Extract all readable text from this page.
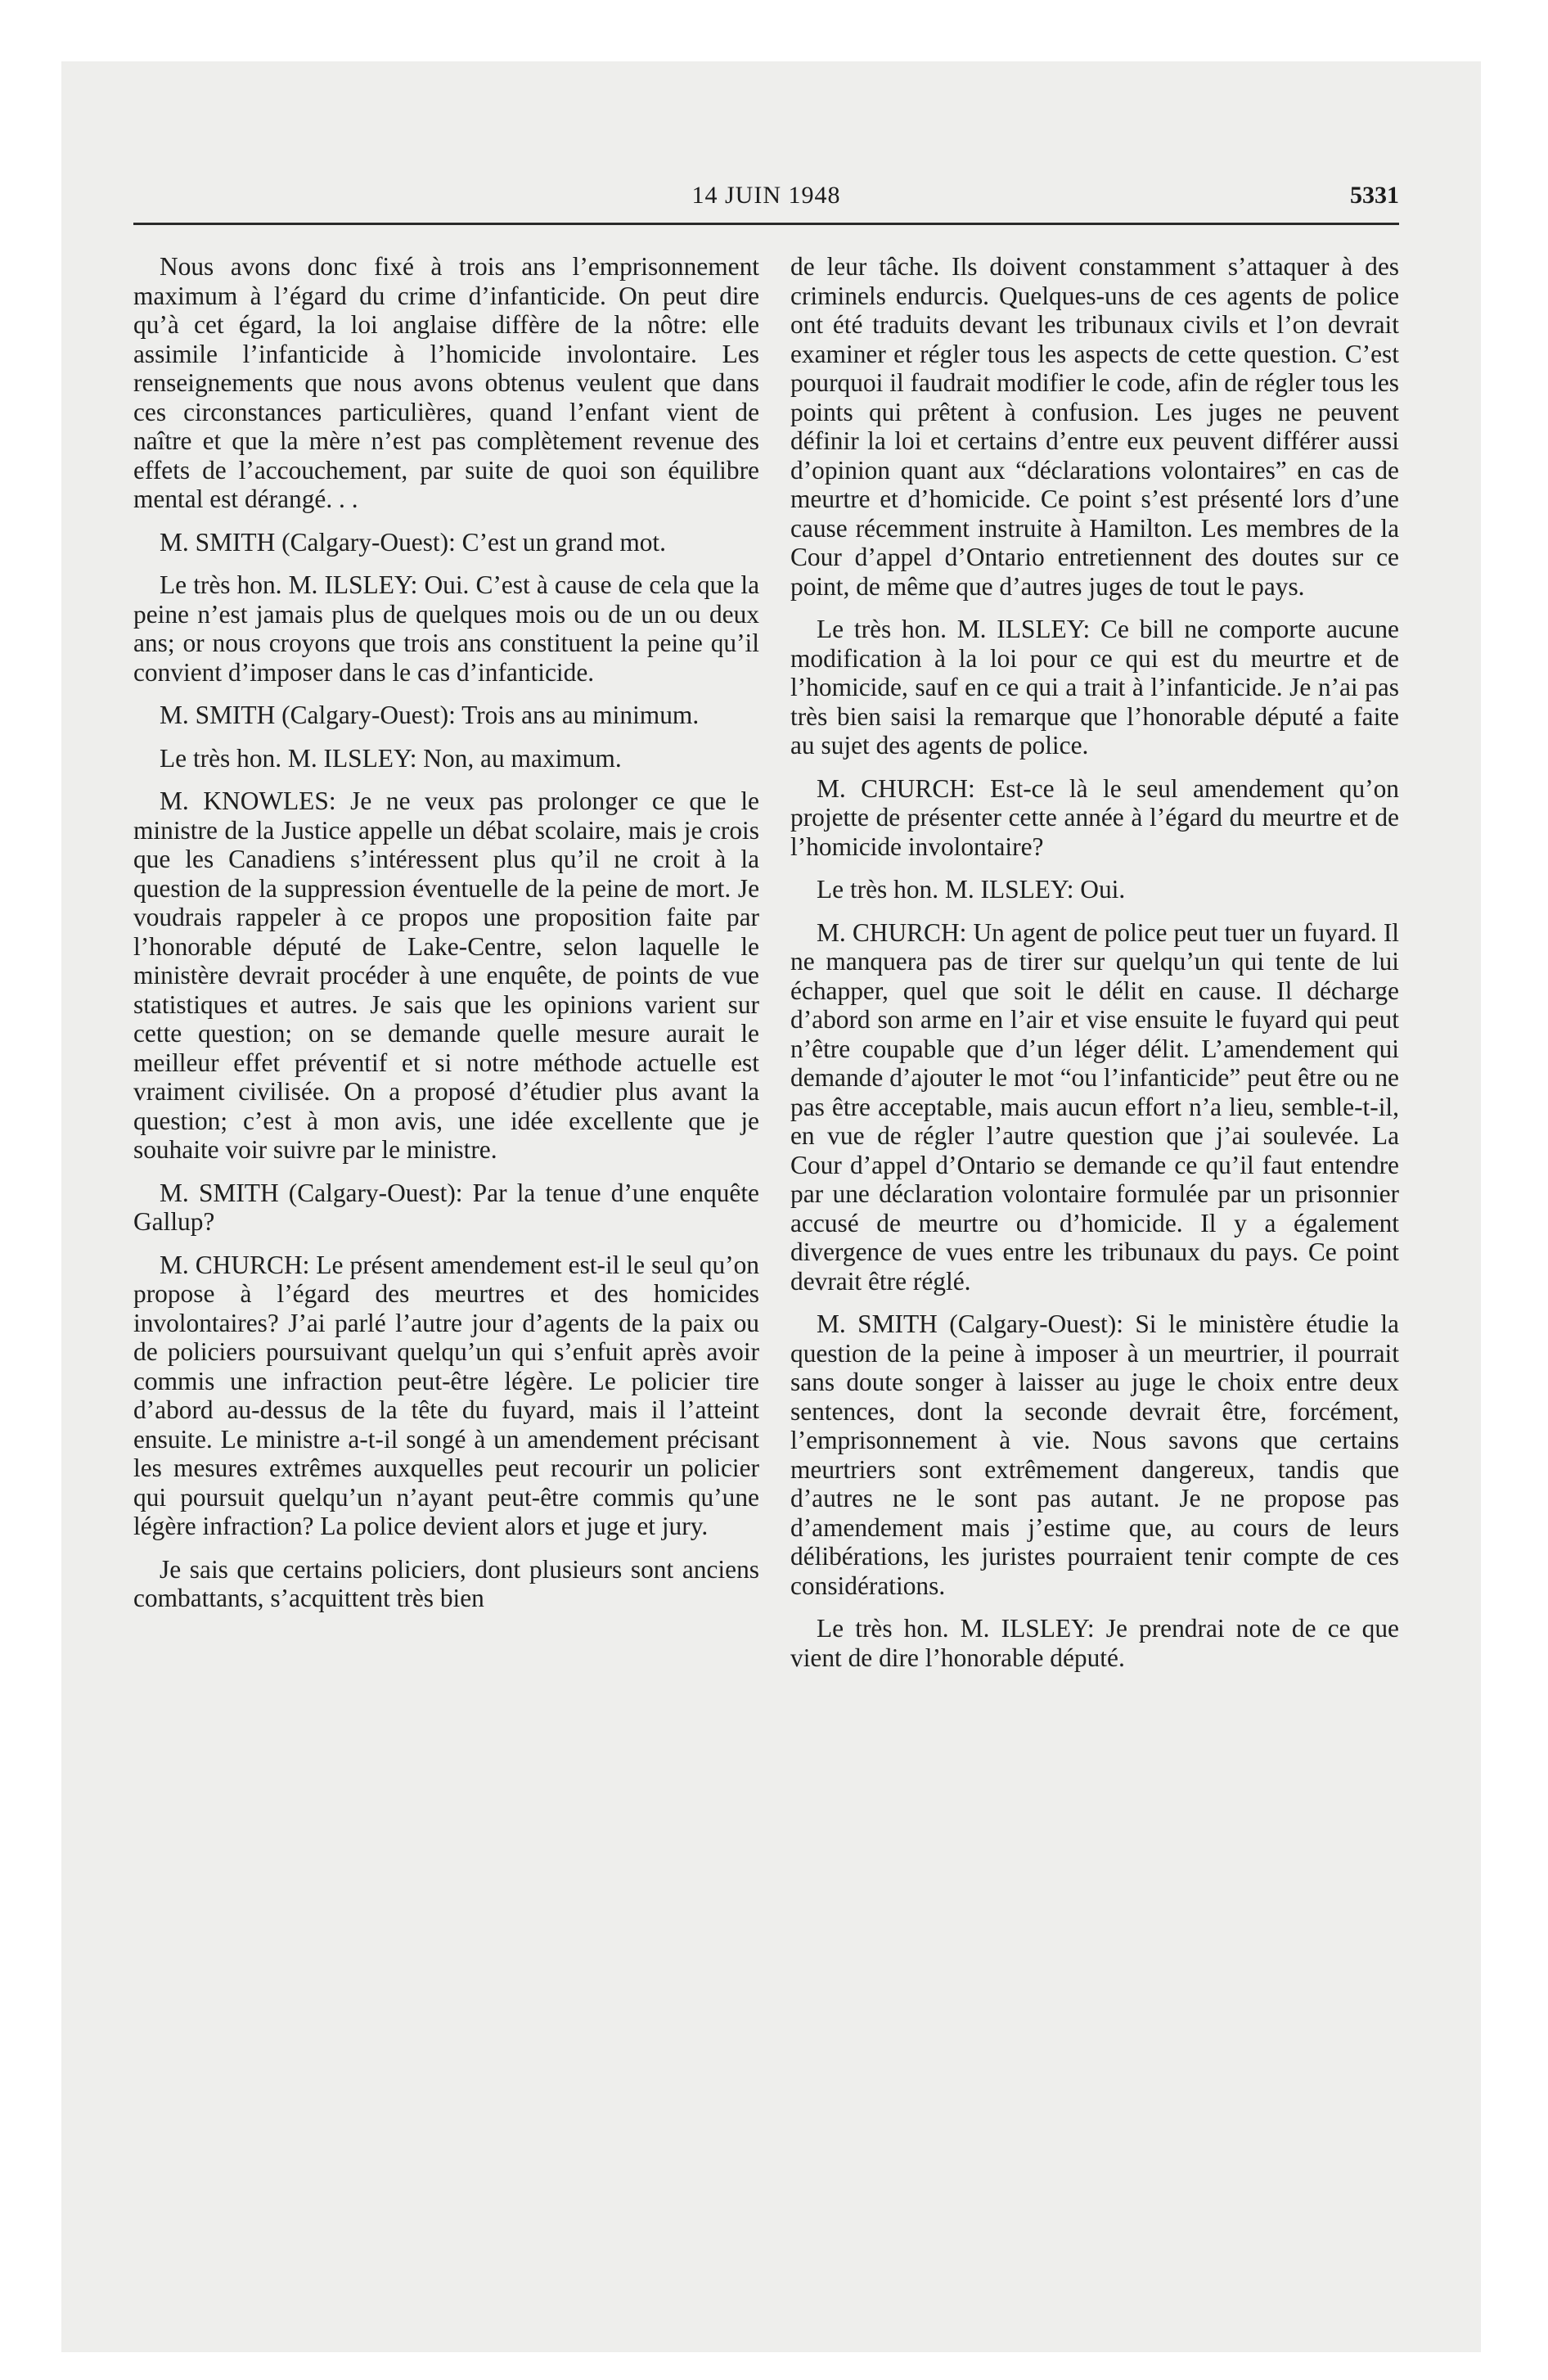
14 JUIN 1948	5331

Nous avons donc fixé à trois ans l’emprisonnement maximum à l’égard du crime d’infanticide. On peut dire qu’à cet égard, la loi anglaise diffère de la nôtre: elle assimile l’infanticide à l’homicide involontaire. Les renseignements que nous avons obtenus veulent que dans ces circonstances particulières, quand l’enfant vient de naître et que la mère n’est pas complètement revenue des effets de l’accouchement, par suite de quoi son équilibre mental est dérangé. . .

M. SMITH (Calgary-Ouest): C’est un grand mot.

Le très hon. M. ILSLEY: Oui. C’est à cause de cela que la peine n’est jamais plus de quelques mois ou de un ou deux ans; or nous croyons que trois ans constituent la peine qu’il convient d’imposer dans le cas d’infanticide.

M. SMITH (Calgary-Ouest): Trois ans au minimum.

Le très hon. M. ILSLEY: Non, au maximum.

M. KNOWLES: Je ne veux pas prolonger ce que le ministre de la Justice appelle un débat scolaire, mais je crois que les Canadiens s’intéressent plus qu’il ne croit à la question de la suppression éventuelle de la peine de mort. Je voudrais rappeler à ce propos une proposition faite par l’honorable député de Lake-Centre, selon laquelle le ministère devrait procéder à une enquête, de points de vue statistiques et autres. Je sais que les opinions varient sur cette question; on se demande quelle mesure aurait le meilleur effet préventif et si notre méthode actuelle est vraiment civilisée. On a proposé d’étudier plus avant la question; c’est à mon avis, une idée excellente que je souhaite voir suivre par le ministre.

M. SMITH (Calgary-Ouest): Par la tenue d’une enquête Gallup?

M. CHURCH: Le présent amendement est-il le seul qu’on propose à l’égard des meurtres et des homicides involontaires? J’ai parlé l’autre jour d’agents de la paix ou de policiers poursuivant quelqu’un qui s’enfuit après avoir commis une infraction peut-être légère. Le policier tire d’abord au-dessus de la tête du fuyard, mais il l’atteint ensuite. Le ministre a-t-il songé à un amendement précisant les mesures extrêmes auxquelles peut recourir un policier qui poursuit quelqu’un n’ayant peut-être commis qu’une légère infraction? La police devient alors et juge et jury.

Je sais que certains policiers, dont plusieurs sont anciens combattants, s’acquittent très bien

de leur tâche. Ils doivent constamment s’attaquer à des criminels endurcis. Quelques-uns de ces agents de police ont été traduits devant les tribunaux civils et l’on devrait examiner et régler tous les aspects de cette question. C’est pourquoi il faudrait modifier le code, afin de régler tous les points qui prêtent à confusion. Les juges ne peuvent définir la loi et certains d’entre eux peuvent différer aussi d’opinion quant aux “déclarations volontaires” en cas de meurtre et d’homicide. Ce point s’est présenté lors d’une cause récemment instruite à Hamilton. Les membres de la Cour d’appel d’Ontario entretiennent des doutes sur ce point, de même que d’autres juges de tout le pays.

Le très hon. M. ILSLEY: Ce bill ne comporte aucune modification à la loi pour ce qui est du meurtre et de l’homicide, sauf en ce qui a trait à l’infanticide. Je n’ai pas très bien saisi la remarque que l’honorable député a faite au sujet des agents de police.

M. CHURCH: Est-ce là le seul amendement qu’on projette de présenter cette année à l’égard du meurtre et de l’homicide involontaire?

Le très hon. M. ILSLEY: Oui.

M. CHURCH: Un agent de police peut tuer un fuyard. Il ne manquera pas de tirer sur quelqu’un qui tente de lui échapper, quel que soit le délit en cause. Il décharge d’abord son arme en l’air et vise ensuite le fuyard qui peut n’être coupable que d’un léger délit. L’amendement qui demande d’ajouter le mot “ou l’infanticide” peut être ou ne pas être acceptable, mais aucun effort n’a lieu, semble-t-il, en vue de régler l’autre question que j’ai soulevée. La Cour d’appel d’Ontario se demande ce qu’il faut entendre par une déclaration volontaire formulée par un prisonnier accusé de meurtre ou d’homicide. Il y a également divergence de vues entre les tribunaux du pays. Ce point devrait être réglé.

M. SMITH (Calgary-Ouest): Si le ministère étudie la question de la peine à imposer à un meurtrier, il pourrait sans doute songer à laisser au juge le choix entre deux sentences, dont la seconde devrait être, forcément, l’emprisonnement à vie. Nous savons que certains meurtriers sont extrêmement dangereux, tandis que d’autres ne le sont pas autant. Je ne propose pas d’amendement mais j’estime que, au cours de leurs délibérations, les juristes pourraient tenir compte de ces considérations.

Le très hon. M. ILSLEY: Je prendrai note de ce que vient de dire l’honorable député.
